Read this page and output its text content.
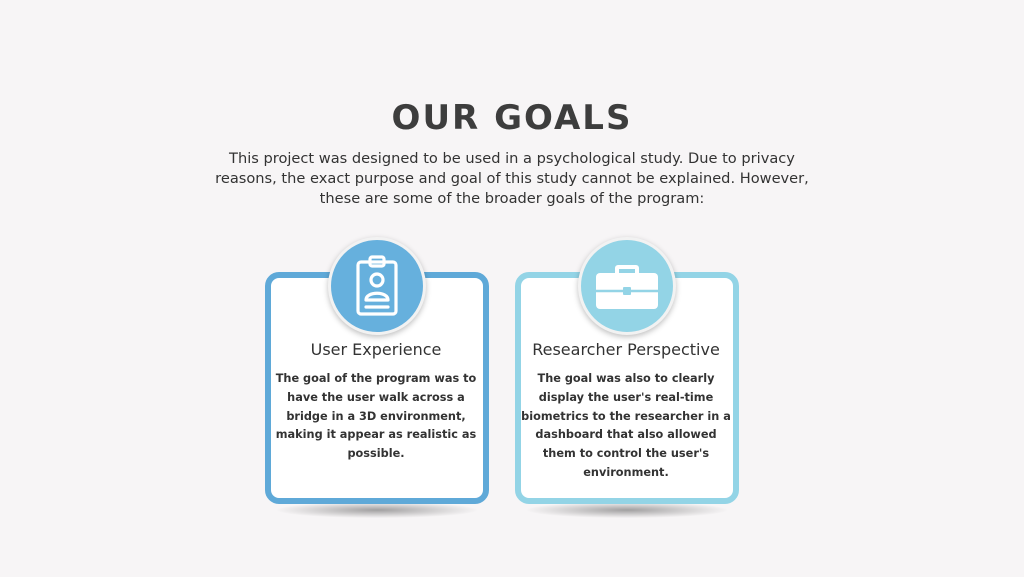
OUR GOALS
This project was designed to be used in a psychological study. Due to privacy reasons, the exact purpose and goal of this study cannot be explained. However, these are some of the broader goals of the program:
User Experience
The goal of the program was to have the user walk across a bridge in a 3D environment, making it appear as realistic as possible.
Researcher Perspective
The goal was also to clearly display the user's real-time biometrics to the researcher in a dashboard that also allowed them to control the user's environment.
